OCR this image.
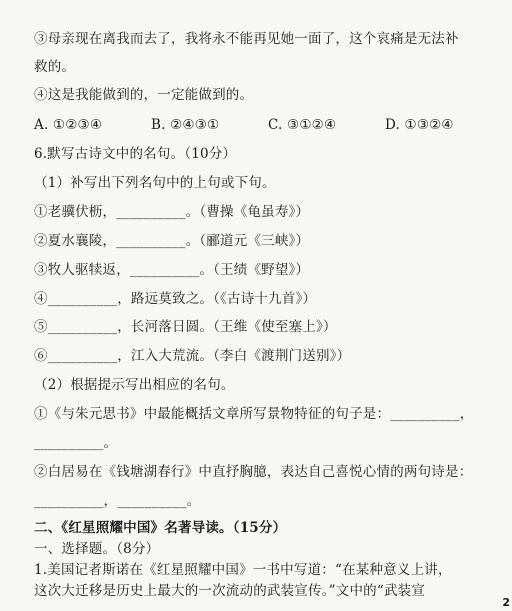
③母亲现在离我而去了，我将永不能再见她一面了，这个哀痛是无法补
救的。
④这是我能做到的，一定能做到的。
A. ①②③④	B. ②④③①	C. ③①②④	D. ①③②④
6.默写古诗文中的名句。（10分）
（1）补写出下列名句中的上句或下句。
①老骥伏枥，__________。（曹操《龟虽寿》）
②夏水襄陵，__________。（郦道元《三峡》）
③牧人驱犊返，__________。（王绩《野望》）
④__________，路远莫致之。（《古诗十九首》）
⑤__________，长河落日圆。（王维《使至塞上》）
⑥__________，江入大荒流。（李白《渡荆门送别》）
（2）根据提示写出相应的名句。
①《与朱元思书》中最能概括文章所写景物特征的句子是：__________，
__________。
②白居易在《钱塘湖春行》中直抒胸臆，表达自己喜悦心情的两句诗是：
__________，__________。
二、《红星照耀中国》名著导读。（15分）
一、选择题。（8分）
1.美国记者斯诺在《红星照耀中国》一书中写道：“在某种意义上讲，
这次大迁移是历史上最大的一次流动的武装宣传。”文中的“武装宣
2
